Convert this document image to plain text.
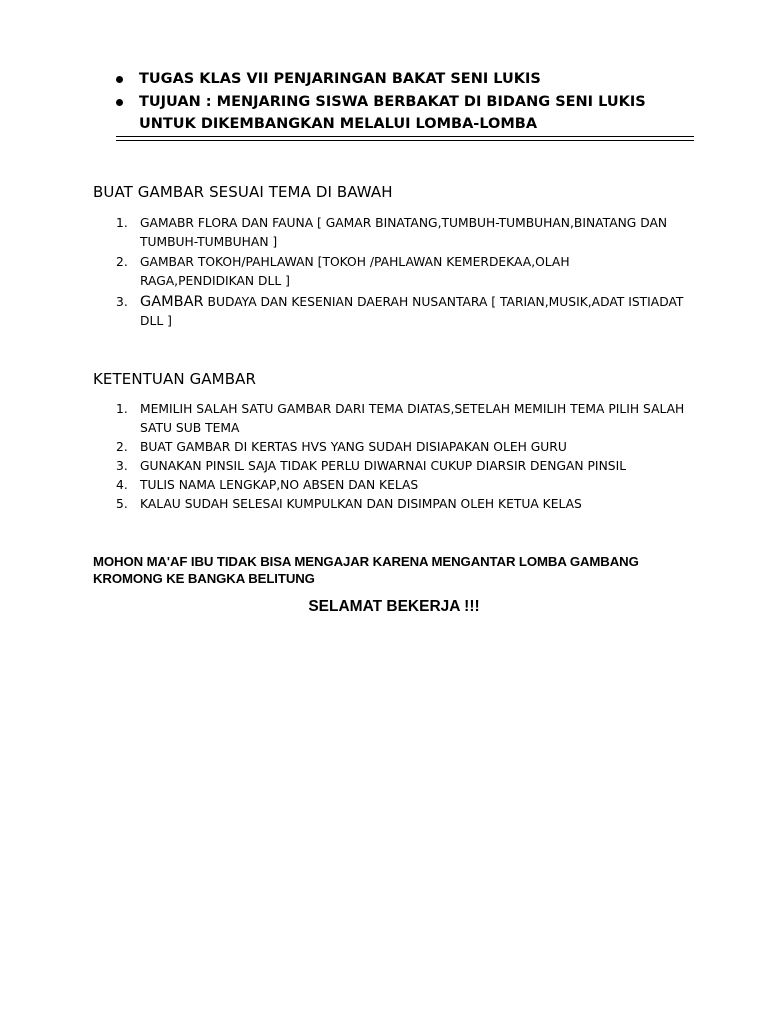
TUGAS KLAS VII PENJARINGAN BAKAT SENI LUKIS
TUJUAN : MENJARING SISWA BERBAKAT DI BIDANG SENI LUKIS UNTUK DIKEMBANGKAN MELALUI LOMBA-LOMBA
BUAT GAMBAR SESUAI TEMA DI BAWAH
1. GAMABR FLORA DAN FAUNA [ GAMAR BINATANG,TUMBUH-TUMBUHAN,BINATANG DAN TUMBUH-TUMBUHAN ]
2. GAMBAR TOKOH/PAHLAWAN [TOKOH /PAHLAWAN KEMERDEKAA,OLAH RAGA,PENDIDIKAN DLL ]
3. GAMBAR BUDAYA DAN KESENIAN DAERAH NUSANTARA [ TARIAN,MUSIK,ADAT ISTIADAT DLL ]
KETENTUAN GAMBAR
1. MEMILIH SALAH SATU GAMBAR DARI TEMA DIATAS,SETELAH MEMILIH TEMA PILIH SALAH SATU SUB TEMA
2. BUAT GAMBAR DI KERTAS HVS YANG SUDAH DISIAPAKAN OLEH GURU
3. GUNAKAN PINSIL SAJA TIDAK PERLU DIWARNAI CUKUP DIARSIR DENGAN PINSIL
4. TULIS NAMA LENGKAP,NO ABSEN DAN KELAS
5. KALAU SUDAH SELESAI KUMPULKAN DAN DISIMPAN OLEH KETUA KELAS

MOHON MA'AF IBU TIDAK BISA MENGAJAR KARENA MENGANTAR LOMBA GAMBANG KROMONG KE BANGKA BELITUNG

SELAMAT BEKERJA !!!
